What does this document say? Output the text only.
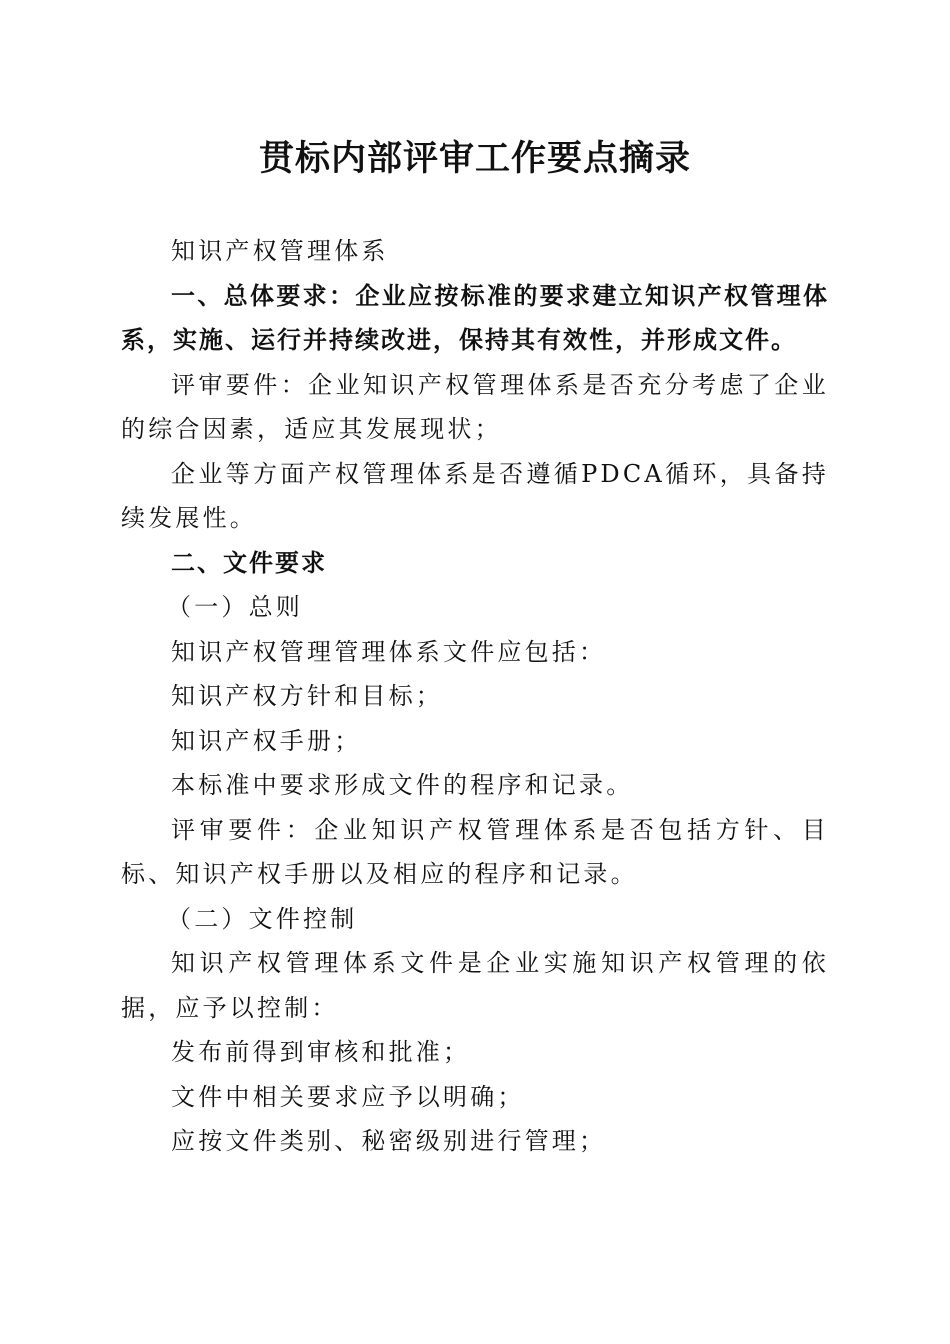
贯标内部评审工作要点摘录

知识产权管理体系

一、总体要求：企业应按标准的要求建立知识产权管理体系，实施、运行并持续改进，保持其有效性，并形成文件。

评审要件：企业知识产权管理体系是否充分考虑了企业的综合因素，适应其发展现状；

企业等方面产权管理体系是否遵循PDCA循环，具备持续发展性。

二、文件要求

（一）总则

知识产权管理管理体系文件应包括：

知识产权方针和目标；

知识产权手册；

本标准中要求形成文件的程序和记录。

评审要件：企业知识产权管理体系是否包括方针、目标、知识产权手册以及相应的程序和记录。

（二）文件控制

知识产权管理体系文件是企业实施知识产权管理的依据，应予以控制：

发布前得到审核和批准；

文件中相关要求应予以明确；

应按文件类别、秘密级别进行管理；
